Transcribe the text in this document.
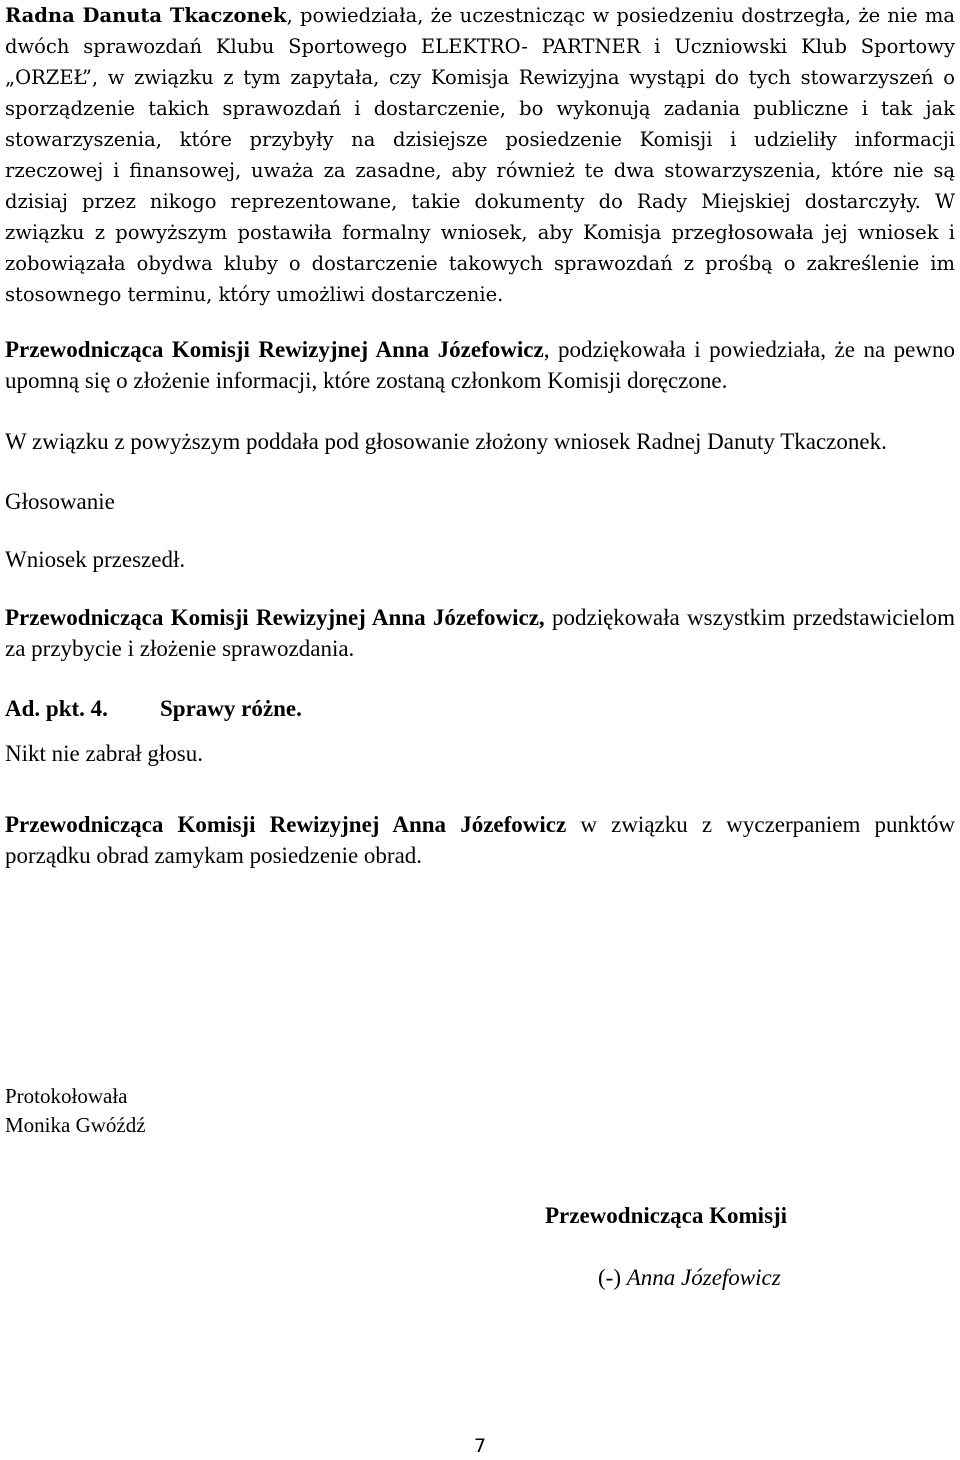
Radna Danuta Tkaczonek, powiedziała, że uczestnicząc w posiedzeniu dostrzegła, że nie ma dwóch sprawozdań Klubu Sportowego ELEKTRO- PARTNER i Uczniowski Klub Sportowy „ORZEŁ”, w związku z tym zapytała, czy Komisja Rewizyjna wystąpi do tych stowarzyszeń o sporządzenie takich sprawozdań i dostarczenie, bo wykonują zadania publiczne i tak jak stowarzyszenia, które przybyły na dzisiejsze posiedzenie Komisji i udzieliły informacji rzeczowej i finansowej, uważa za zasadne, aby również te dwa stowarzyszenia, które nie są dzisiaj przez nikogo reprezentowane, takie dokumenty do Rady Miejskiej dostarczyły. W związku z powyższym postawiła formalny wniosek, aby Komisja przegłosowała jej wniosek i zobowiązała obydwa kluby o dostarczenie takowych sprawozdań z prośbą o zakreślenie im stosownego terminu, który umożliwi dostarczenie.

Przewodnicząca Komisji Rewizyjnej Anna Józefowicz, podziękowała i powiedziała, że na pewno upomną się o złożenie informacji, które zostaną członkom Komisji doręczone.

W związku z powyższym poddała pod głosowanie złożony wniosek Radnej Danuty Tkaczonek.

Głosowanie

Wniosek przeszedł.

Przewodnicząca Komisji Rewizyjnej Anna Józefowicz, podziękowała wszystkim przedstawicielom za przybycie i złożenie sprawozdania.

Ad. pkt. 4. Sprawy różne.

Nikt nie zabrał głosu.

Przewodnicząca Komisji Rewizyjnej Anna Józefowicz w związku z wyczerpaniem punktów porządku obrad zamykam posiedzenie obrad.

Protokołowała
Monika Gwóźdź
Przewodnicząca Komisji
(-) Anna Józefowicz
7
